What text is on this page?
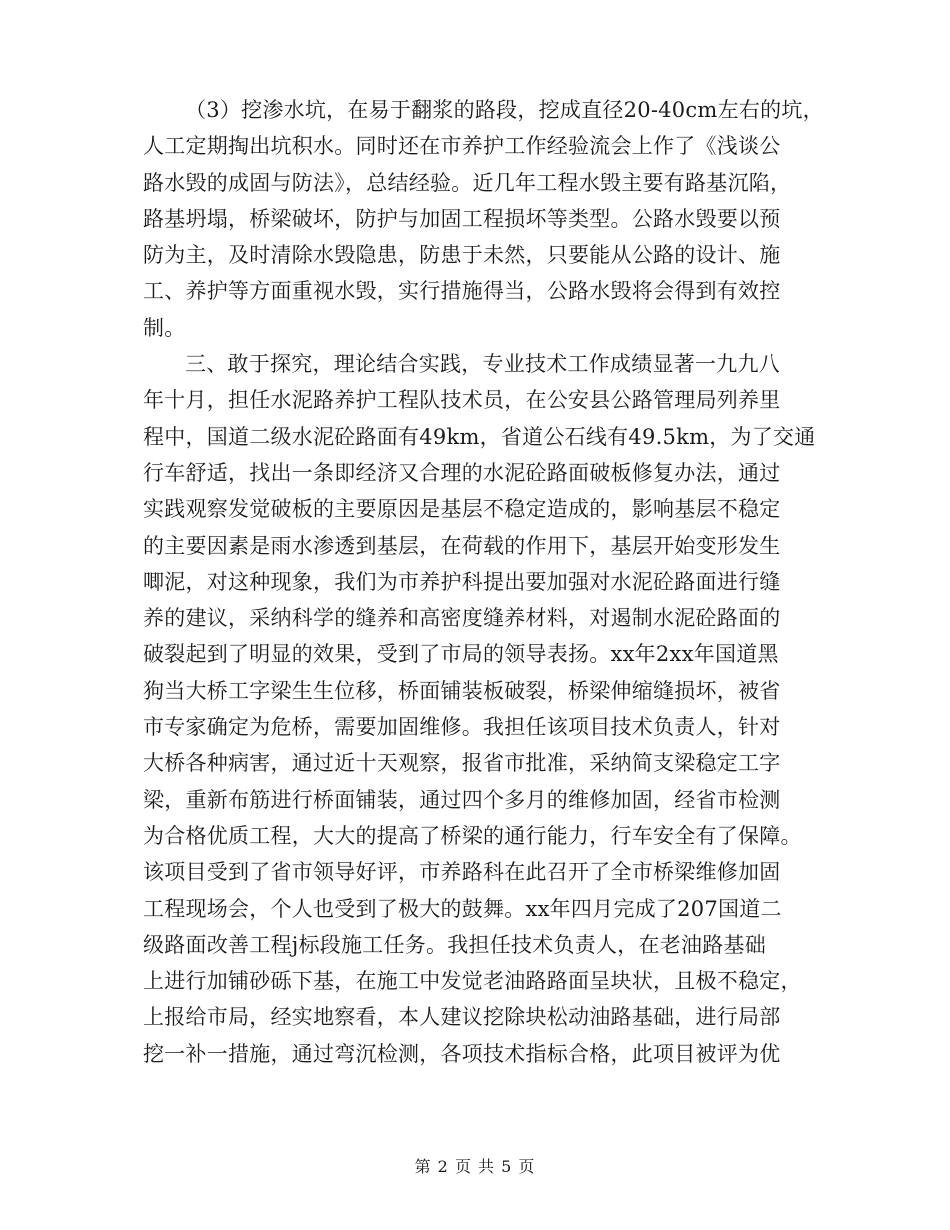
（3）挖渗水坑，在易于翻浆的路段，挖成直径20-40cm左右的坑，
人工定期掏出坑积水。同时还在市养护工作经验流会上作了《浅谈公
路水毁的成固与防法》，总结经验。近几年工程水毁主要有路基沉陷，
路基坍塌，桥梁破坏，防护与加固工程损坏等类型。公路水毁要以预
防为主，及时清除水毁隐患，防患于未然，只要能从公路的设计、施
工、养护等方面重视水毁，实行措施得当，公路水毁将会得到有效控
制。
三、敢于探究，理论结合实践，专业技术工作成绩显著一九九八
年十月，担任水泥路养护工程队技术员，在公安县公路管理局列养里
程中，国道二级水泥砼路面有49km，省道公石线有49.5km，为了交通
行车舒适，找出一条即经济又合理的水泥砼路面破板修复办法，通过
实践观察发觉破板的主要原因是基层不稳定造成的，影响基层不稳定
的主要因素是雨水渗透到基层，在荷载的作用下，基层开始变形发生
唧泥，对这种现象，我们为市养护科提出要加强对水泥砼路面进行缝
养的建议，采纳科学的缝养和高密度缝养材料，对遏制水泥砼路面的
破裂起到了明显的效果，受到了市局的领导表扬。xx年2xx年国道黑
狗当大桥工字梁生生位移，桥面铺装板破裂，桥梁伸缩缝损坏，被省
市专家确定为危桥，需要加固维修。我担任该项目技术负责人，针对
大桥各种病害，通过近十天观察，报省市批准，采纳简支梁稳定工字
梁，重新布筋进行桥面铺装，通过四个多月的维修加固，经省市检测
为合格优质工程，大大的提高了桥梁的通行能力，行车安全有了保障。
该项目受到了省市领导好评，市养路科在此召开了全市桥梁维修加固
工程现场会，个人也受到了极大的鼓舞。xx年四月完成了207国道二
级路面改善工程j标段施工任务。我担任技术负责人，在老油路基础
上进行加铺砂砾下基，在施工中发觉老油路路面呈块状，且极不稳定，
上报给市局，经实地察看，本人建议挖除块松动油路基础，进行局部
挖一补一措施，通过弯沉检测，各项技术指标合格，此项目被评为优
第 2 页 共 5 页
